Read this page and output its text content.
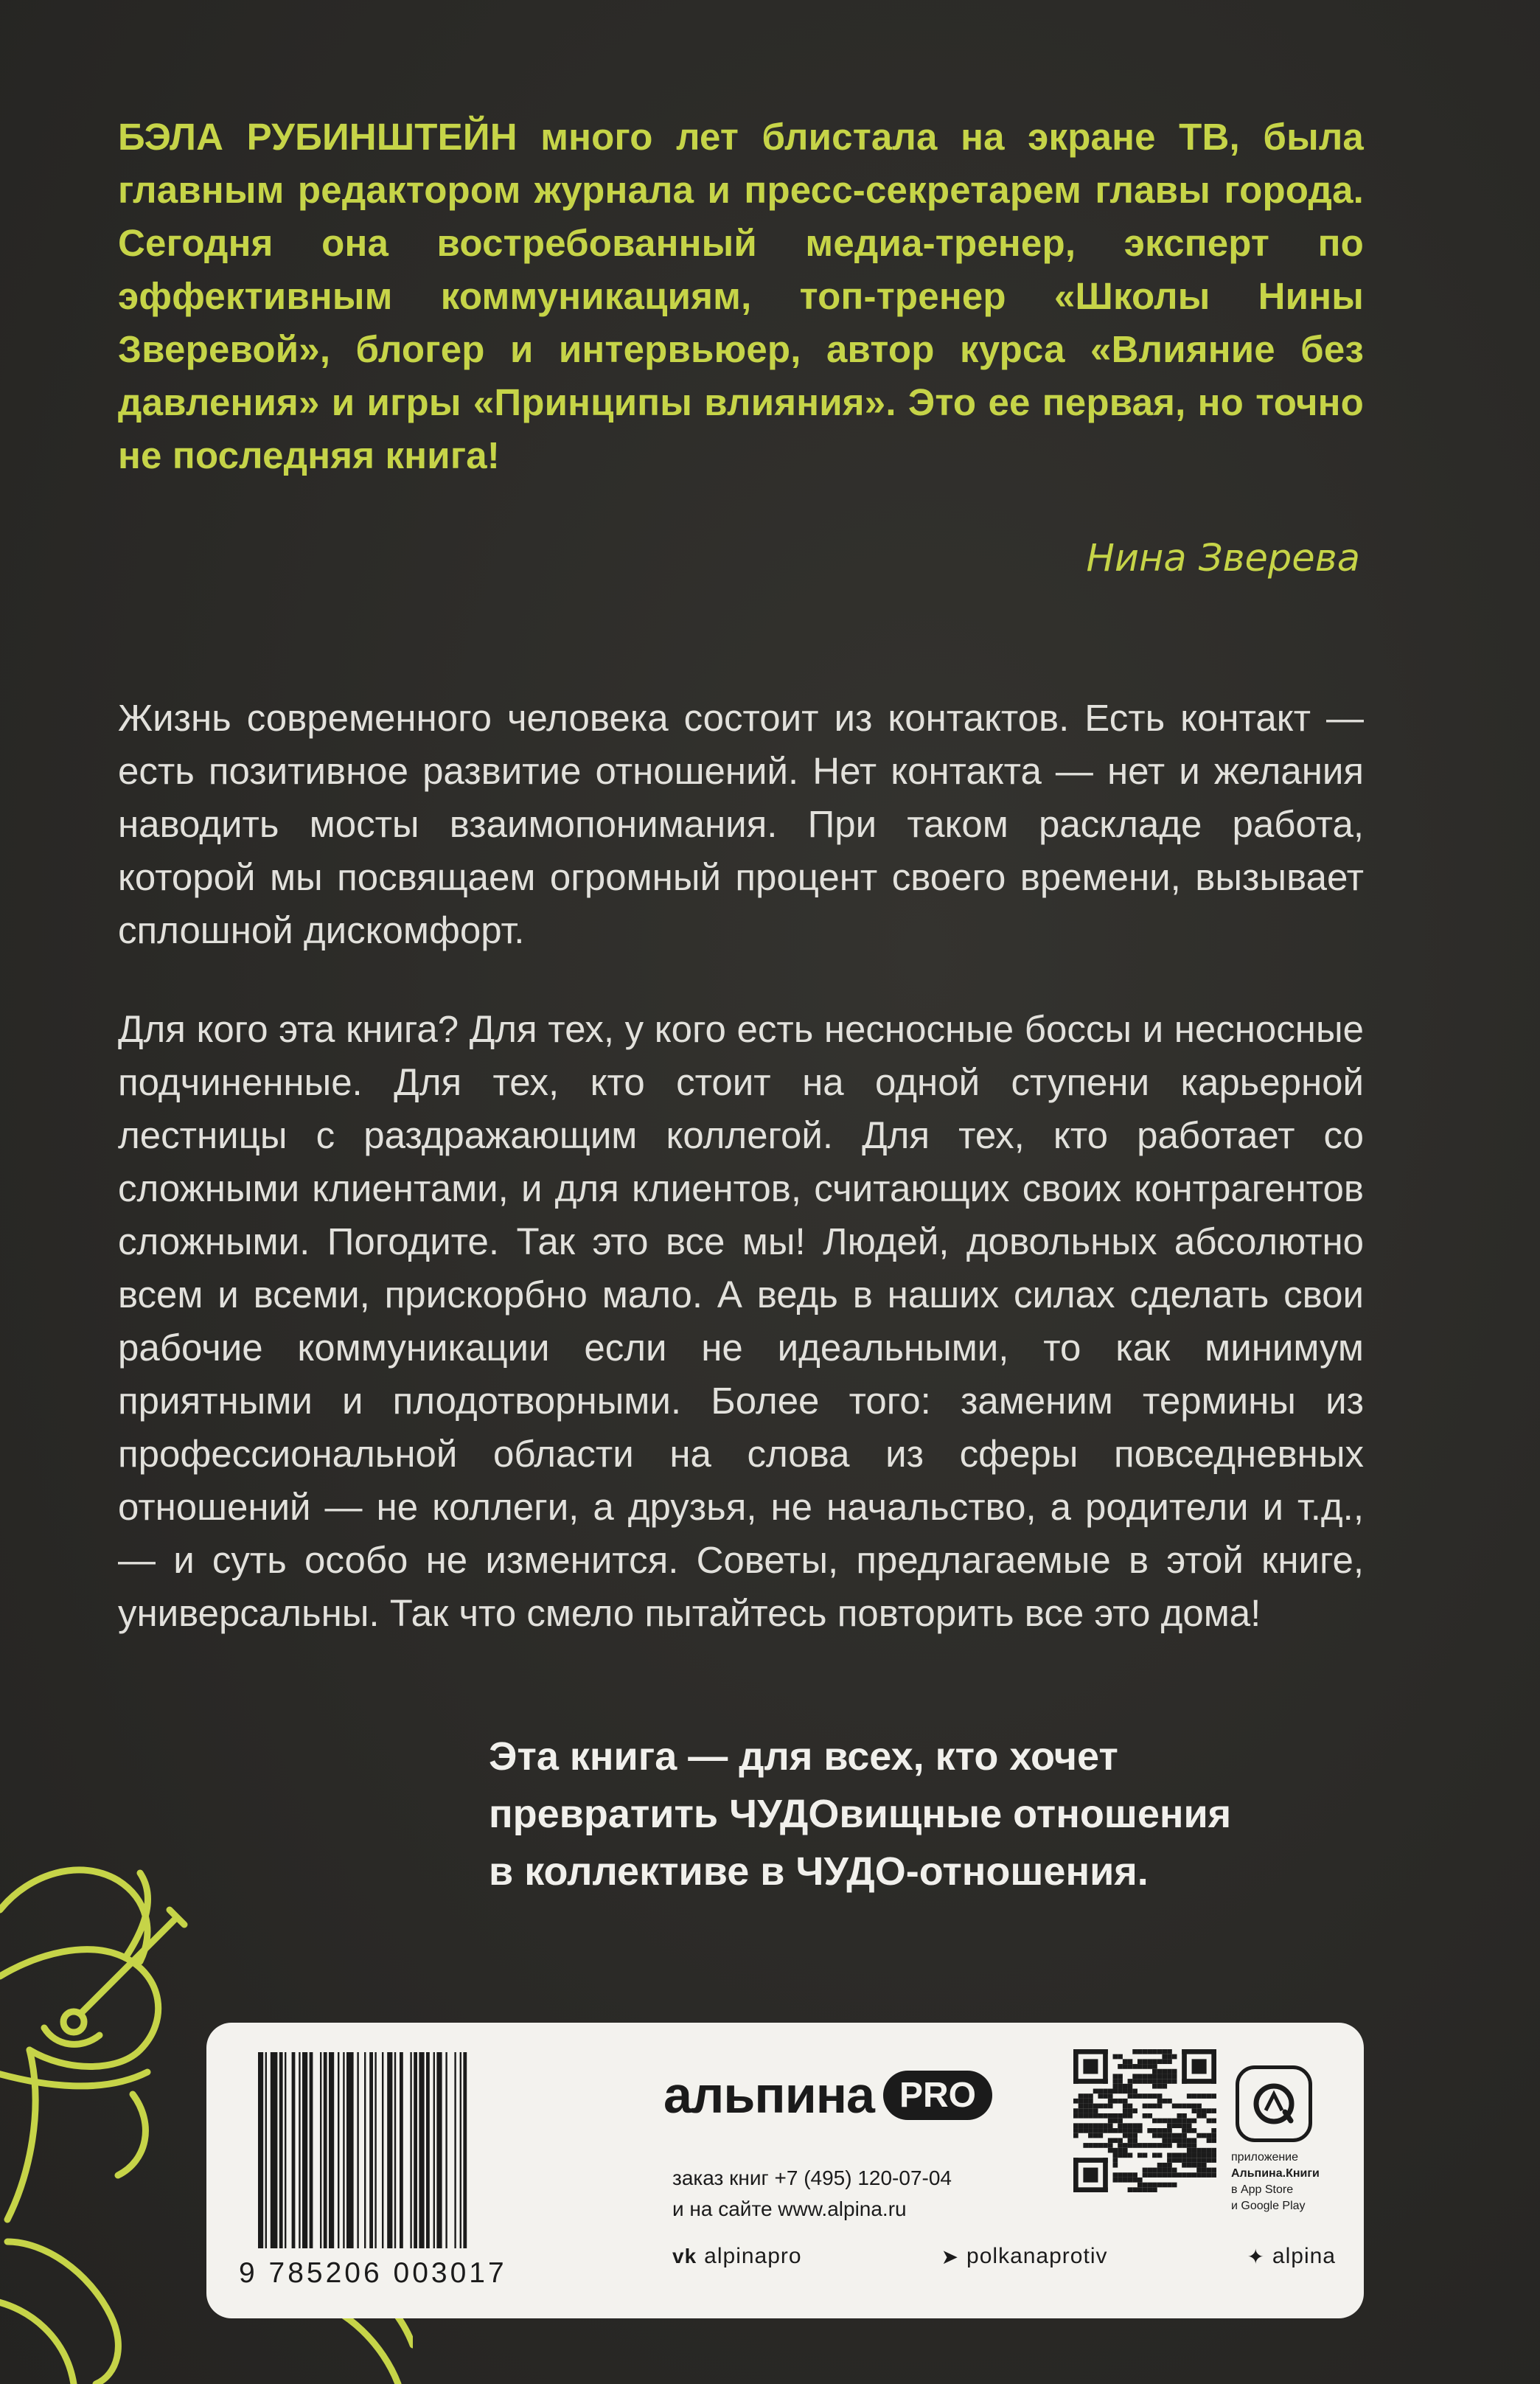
БЭЛА РУБИНШТЕЙН много лет блистала на экране ТВ, была главным редактором журнала и пресс-секретарем главы города. Сегодня она востребованный медиа-тренер, эксперт по эффективным коммуникациям, топ-тренер «Школы Нины Зверевой», блогер и интервьюер, автор курса «Влияние без давления» и игры «Принципы влияния». Это ее первая, но точно не последняя книга!
Нина Зверева
Жизнь современного человека состоит из контактов. Есть контакт — есть позитивное развитие отношений. Нет контакта — нет и желания наводить мосты взаимопонимания. При таком раскладе работа, которой мы посвящаем огромный процент своего времени, вызывает сплошной дискомфорт.
Для кого эта книга? Для тех, у кого есть несносные боссы и несносные подчиненные. Для тех, кто стоит на одной ступени карьерной лестницы с раздражающим коллегой. Для тех, кто работает со сложными клиентами, и для клиентов, считающих своих контрагентов сложными. Погодите. Так это все мы! Людей, довольных абсолютно всем и всеми, прискорбно мало. А ведь в наших силах сделать свои рабочие коммуникации если не идеальными, то как минимум приятными и плодотворными. Более того: заменим термины из профессиональной области на слова из сферы повседневных отношений — не коллеги, а друзья, не начальство, а родители и т.д., — и суть особо не изменится. Советы, предлагаемые в этой книге, универсальны. Так что смело пытайтесь повторить все это дома!
Эта книга — для всех, кто хочет
превратить ЧУДОвищные отношения
в коллективе в ЧУДО-отношения.
9 785206 003017
альпина PRO
заказ книг +7 (495) 120-07-04
и на сайте www.alpina.ru
приложение
Альпина.Книги
в App Store
и Google Play
vk alpinapro	➤ polkanaprotiv	✦ alpina
